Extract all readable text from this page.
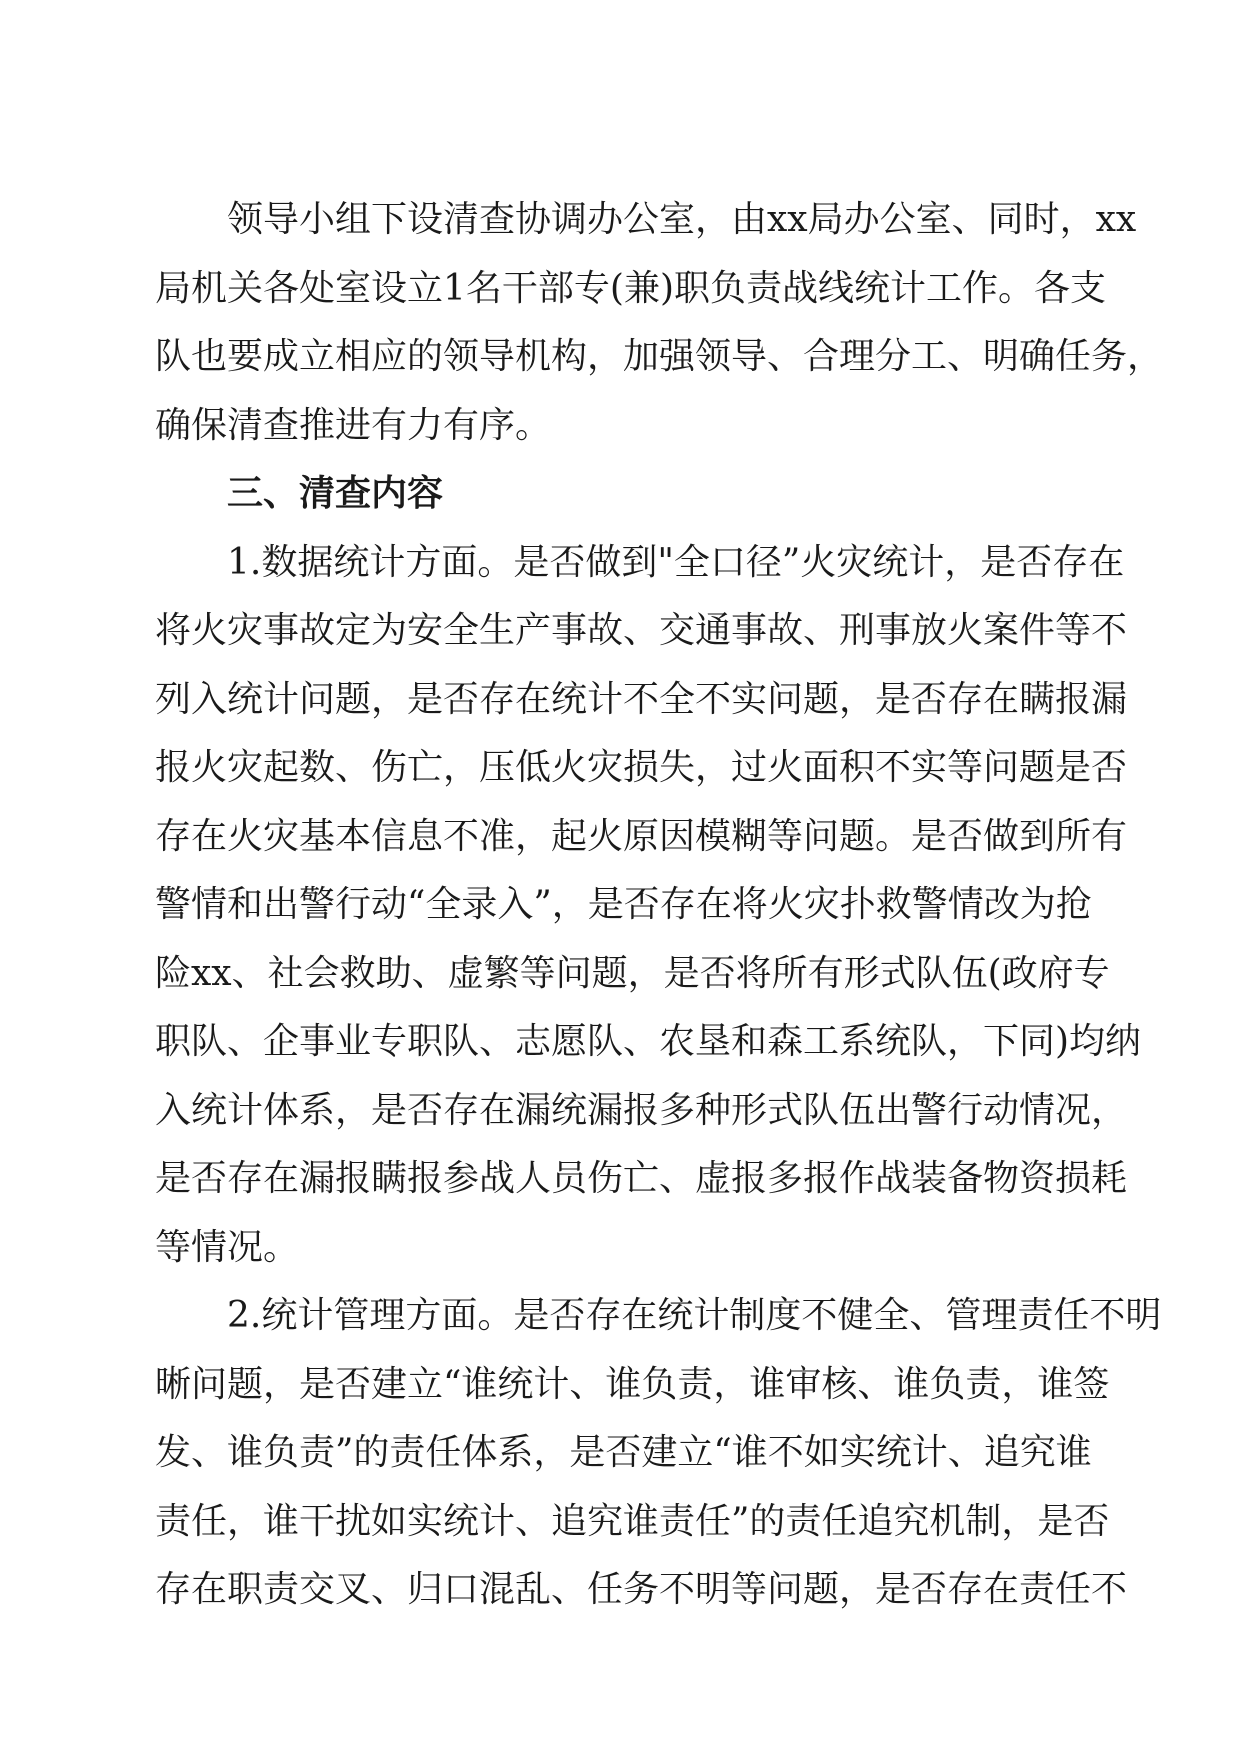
领导小组下设清查协调办公室，由xx局办公室、同时，xx
局机关各处室设立1名干部专(兼)职负责战线统计工作。各支
队也要成立相应的领导机构，加强领导、合理分工、明确任务，
确保清查推进有力有序。

三、清查内容

1.数据统计方面。是否做到"全口径”火灾统计，是否存在
将火灾事故定为安全生产事故、交通事故、刑事放火案件等不
列入统计问题，是否存在统计不全不实问题，是否存在瞒报漏
报火灾起数、伤亡，压低火灾损失，过火面积不实等问题是否
存在火灾基本信息不准，起火原因模糊等问题。是否做到所有
警情和出警行动“全录入”，是否存在将火灾扑救警情改为抢
险xx、社会救助、虚繁等问题，是否将所有形式队伍(政府专
职队、企事业专职队、志愿队、农垦和森工系统队，下同)均纳
入统计体系，是否存在漏统漏报多种形式队伍出警行动情况，
是否存在漏报瞒报参战人员伤亡、虚报多报作战装备物资损耗
等情况。

2.统计管理方面。是否存在统计制度不健全、管理责任不明
晰问题，是否建立“谁统计、谁负责，谁审核、谁负责，谁签
发、谁负责”的责任体系，是否建立“谁不如实统计、追究谁
责任，谁干扰如实统计、追究谁责任”的责任追究机制，是否
存在职责交叉、归口混乱、任务不明等问题，是否存在责任不
